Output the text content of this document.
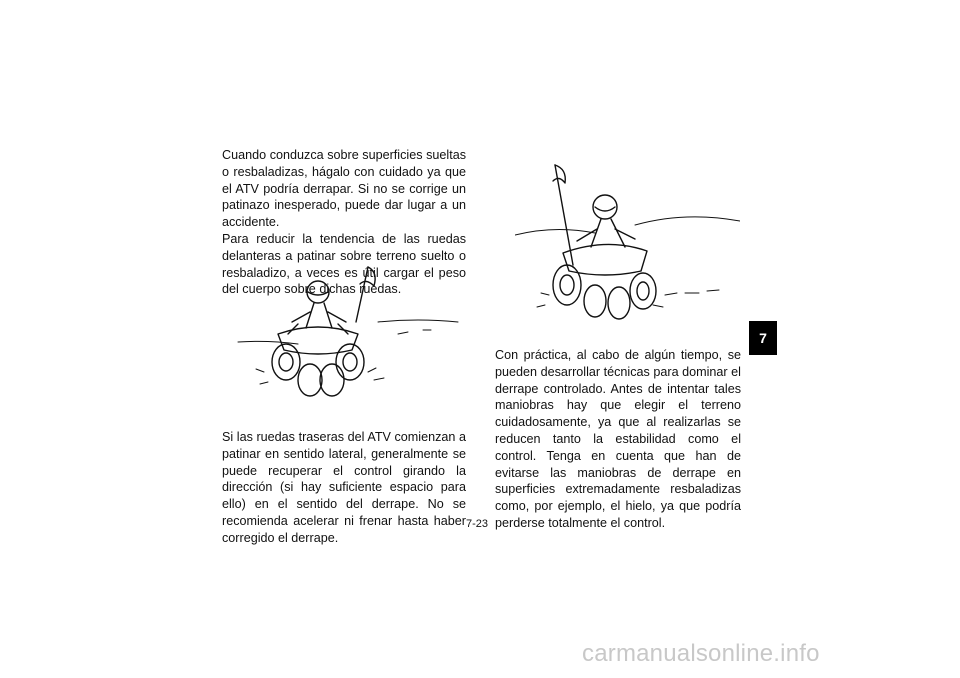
Cuando conduzca sobre superficies sueltas o resbaladizas, hágalo con cuidado ya que el ATV podría derrapar. Si no se corrige un patinazo inesperado, puede dar lugar a un accidente.

Para reducir la tendencia de las ruedas delanteras a patinar sobre terreno suelto o resbaladizo, a veces es útil cargar el peso del cuerpo sobre dichas ruedas.

Si las ruedas traseras del ATV comienzan a patinar en sentido lateral, generalmente se puede recuperar el control girando la dirección (si hay suficiente espacio para ello) en el sentido del derrape. No se recomienda acelerar ni frenar hasta haber corregido el derrape.

Con práctica, al cabo de algún tiempo, se pueden desarrollar técnicas para dominar el derrape controlado. Antes de intentar tales maniobras hay que elegir el terreno cuidadosamente, ya que al realizarlas se reducen tanto la estabilidad como el control. Tenga en cuenta que han de evitarse las maniobras de derrape en superficies extremadamente resbaladizas como, por ejemplo, el hielo, ya que podría perderse totalmente el control.

7-23
7
carmanualsonline.info
